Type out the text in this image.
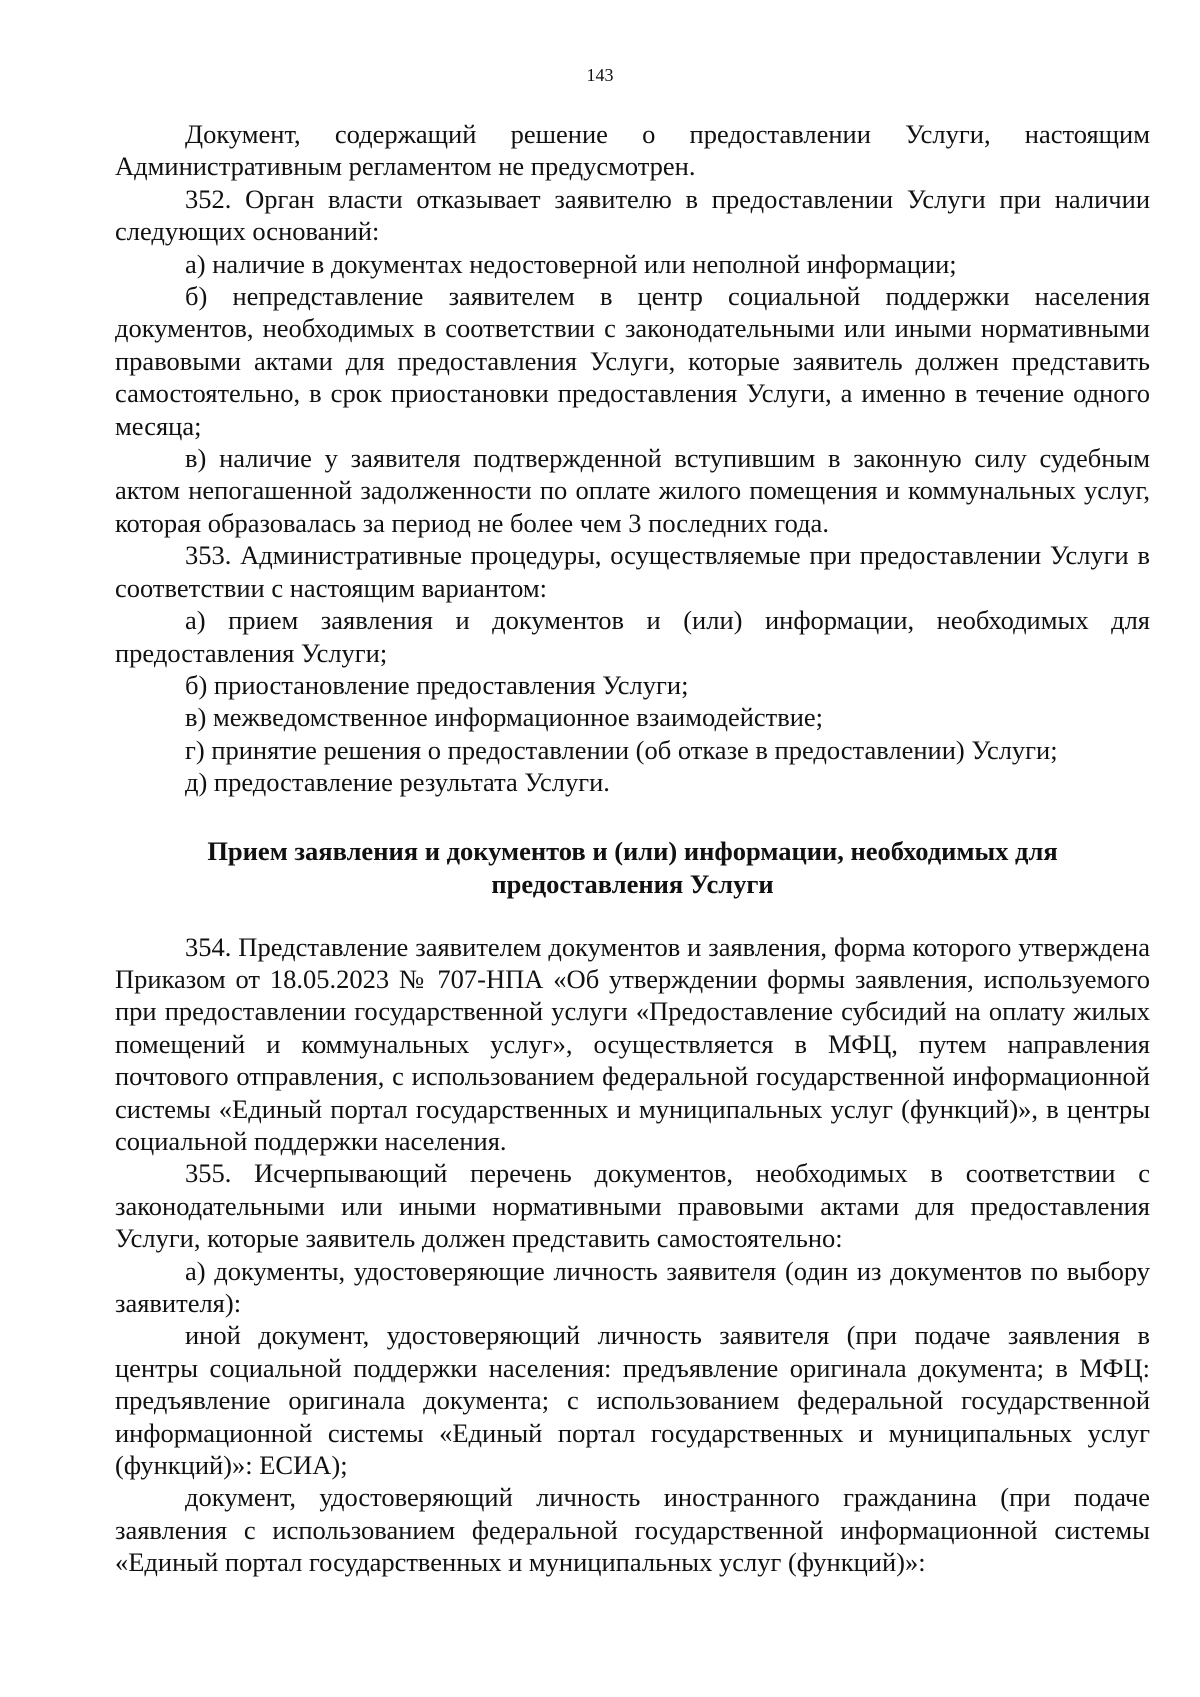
143

Документ, содержащий решение о предоставлении Услуги, настоящим Административным регламентом не предусмотрен.

352. Орган власти отказывает заявителю в предоставлении Услуги при наличии следующих оснований:

а) наличие в документах недостоверной или неполной информации;

б) непредставление заявителем в центр социальной поддержки населения документов, необходимых в соответствии с законодательными или иными нормативными правовыми актами для предоставления Услуги, которые заявитель должен представить самостоятельно, в срок приостановки предоставления Услуги, а именно в течение одного месяца;

в) наличие у заявителя подтвержденной вступившим в законную силу судебным актом непогашенной задолженности по оплате жилого помещения и коммунальных услуг, которая образовалась за период не более чем 3 последних года.

353. Административные процедуры, осуществляемые при предоставлении Услуги в соответствии с настоящим вариантом:

а) прием заявления и документов и (или) информации, необходимых для предоставления Услуги;

б) приостановление предоставления Услуги;

в) межведомственное информационное взаимодействие;

г) принятие решения о предоставлении (об отказе в предоставлении) Услуги;

д) предоставление результата Услуги.

Прием заявления и документов и (или) информации, необходимых для предоставления Услуги

354. Представление заявителем документов и заявления, форма которого утверждена Приказом от 18.05.2023 № 707-НПА «Об утверждении формы заявления, используемого при предоставлении государственной услуги «Предоставление субсидий на оплату жилых помещений и коммунальных услуг», осуществляется в МФЦ, путем направления почтового отправления, с использованием федеральной государственной информационной системы «Единый портал государственных и муниципальных услуг (функций)», в центры социальной поддержки населения.

355. Исчерпывающий перечень документов, необходимых в соответствии с законодательными или иными нормативными правовыми актами для предоставления Услуги, которые заявитель должен представить самостоятельно:

а) документы, удостоверяющие личность заявителя (один из документов по выбору заявителя):

иной документ, удостоверяющий личность заявителя (при подаче заявления в центры социальной поддержки населения: предъявление оригинала документа; в МФЦ: предъявление оригинала документа; с использованием федеральной государственной информационной системы «Единый портал государственных и муниципальных услуг (функций)»: ЕСИА);

документ, удостоверяющий личность иностранного гражданина (при подаче заявления с использованием федеральной государственной информационной системы «Единый портал государственных и муниципальных услуг (функций)»:
